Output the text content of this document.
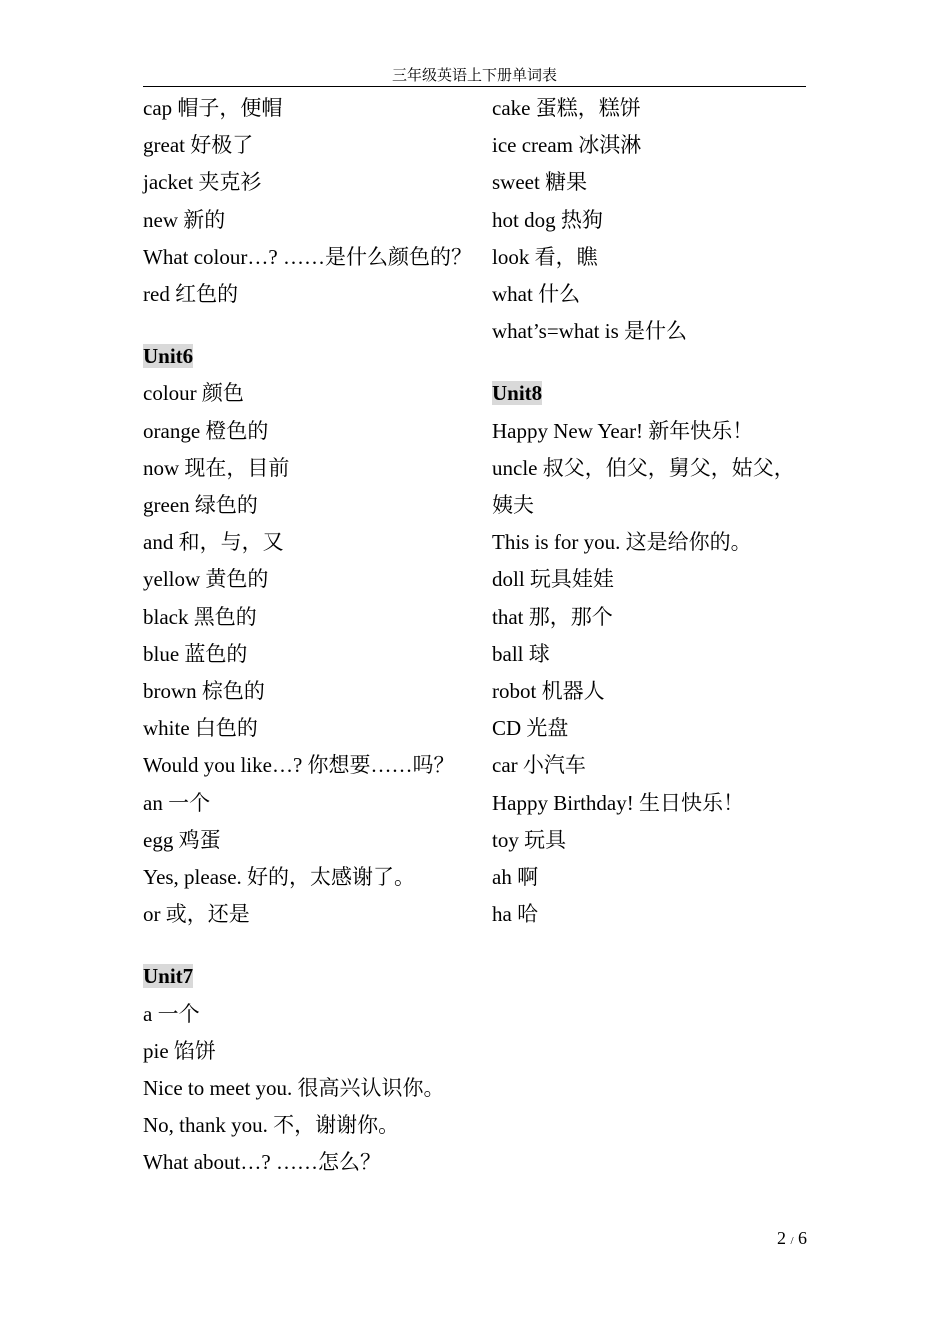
三年级英语上下册单词表
cap 帽子，便帽
great 好极了
jacket 夹克衫
new 新的
What colour…? ……是什么颜色的？
red 红色的
Unit6
colour 颜色
orange 橙色的
now 现在，目前
green 绿色的
and 和，与，又
yellow 黄色的
black 黑色的
blue 蓝色的
brown 棕色的
white 白色的
Would you like…? 你想要……吗？
an 一个
egg 鸡蛋
Yes, please. 好的，太感谢了。
or 或，还是
Unit7
a 一个
pie 馅饼
Nice to meet you. 很高兴认识你。
No, thank you. 不，谢谢你。
What about…? ……怎么？
cake 蛋糕，糕饼
ice cream 冰淇淋
sweet 糖果
hot dog 热狗
look 看，瞧
what 什么
what’s=what is 是什么
Unit8
Happy New Year! 新年快乐！
uncle 叔父，伯父，舅父，姑父，姨夫
This is for you. 这是给你的。
doll 玩具娃娃
that 那，那个
ball 球
robot 机器人
CD 光盘
car 小汽车
Happy Birthday! 生日快乐！
toy 玩具
ah 啊
ha 哈
2 / 6
